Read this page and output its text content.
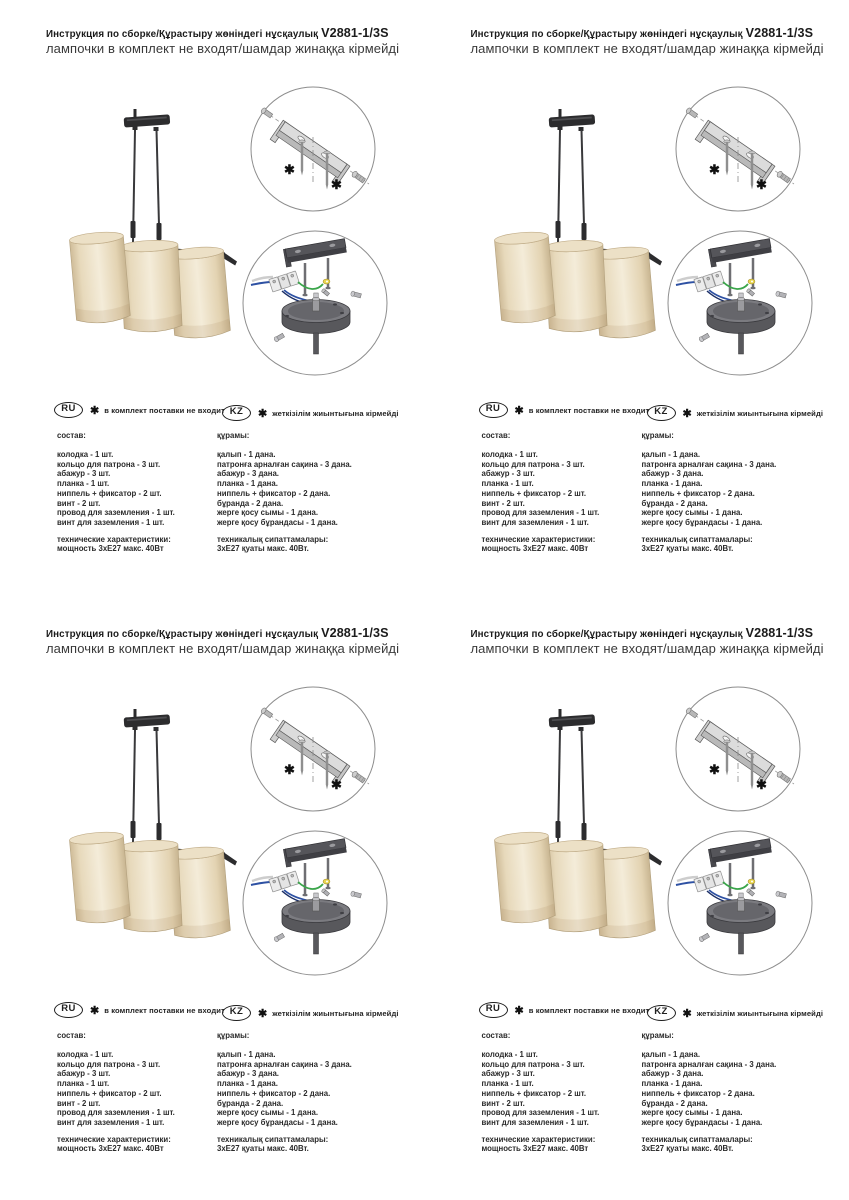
Инструкция по сборке/Құрастыру жөніндегі нұсқаулық V2881-1/3S
лампочки в комплект не входят/шамдар жинаққа кірмейді
✱
✱
RU	✱ в комплект поставки не входит KZ	✱ жеткізілім жиынтығына кірмейді
состав:
колодка - 1 шт.
кольцо для патрона - 3 шт.
абажур - 3 шт.
планка - 1 шт.
ниппель + фиксатор - 2 шт.
винт - 2 шт.
провод для заземления - 1 шт.
винт для заземления - 1 шт.
технические характеристики:
мощность 3хЕ27 макс. 40Вт
құрамы:
қалып - 1 дана.
патронға арналған сақина - 3 дана.
абажур - 3 дана.
планка - 1 дана.
ниппель + фиксатор - 2 дана.
бұранда - 2 дана.
жерге қосу сымы - 1 дана.
жерге қосу бұрандасы - 1 дана.
техникалық сипаттамалары:
3хЕ27 қуаты макс. 40Вт.
Инструкция по сборке/Құрастыру жөніндегі нұсқаулық V2881-1/3S
лампочки в комплект не входят/шамдар жинаққа кірмейді
✱
✱
RU	✱ в комплект поставки не входит KZ	✱ жеткізілім жиынтығына кірмейді
состав:
колодка - 1 шт.
кольцо для патрона - 3 шт.
абажур - 3 шт.
планка - 1 шт.
ниппель + фиксатор - 2 шт.
винт - 2 шт.
провод для заземления - 1 шт.
винт для заземления - 1 шт.
технические характеристики:
мощность 3хЕ27 макс. 40Вт
құрамы:
қалып - 1 дана.
патронға арналған сақина - 3 дана.
абажур - 3 дана.
планка - 1 дана.
ниппель + фиксатор - 2 дана.
бұранда - 2 дана.
жерге қосу сымы - 1 дана.
жерге қосу бұрандасы - 1 дана.
техникалық сипаттамалары:
3хЕ27 қуаты макс. 40Вт.
Инструкция по сборке/Құрастыру жөніндегі нұсқаулық V2881-1/3S
лампочки в комплект не входят/шамдар жинаққа кірмейді
✱
✱
RU	✱ в комплект поставки не входит KZ	✱ жеткізілім жиынтығына кірмейді
состав:
колодка - 1 шт.
кольцо для патрона - 3 шт.
абажур - 3 шт.
планка - 1 шт.
ниппель + фиксатор - 2 шт.
винт - 2 шт.
провод для заземления - 1 шт.
винт для заземления - 1 шт.
технические характеристики:
мощность 3хЕ27 макс. 40Вт
құрамы:
қалып - 1 дана.
патронға арналған сақина - 3 дана.
абажур - 3 дана.
планка - 1 дана.
ниппель + фиксатор - 2 дана.
бұранда - 2 дана.
жерге қосу сымы - 1 дана.
жерге қосу бұрандасы - 1 дана.
техникалық сипаттамалары:
3хЕ27 қуаты макс. 40Вт.
Инструкция по сборке/Құрастыру жөніндегі нұсқаулық V2881-1/3S
лампочки в комплект не входят/шамдар жинаққа кірмейді
✱
✱
RU	✱ в комплект поставки не входит KZ	✱ жеткізілім жиынтығына кірмейді
состав:
колодка - 1 шт.
кольцо для патрона - 3 шт.
абажур - 3 шт.
планка - 1 шт.
ниппель + фиксатор - 2 шт.
винт - 2 шт.
провод для заземления - 1 шт.
винт для заземления - 1 шт.
технические характеристики:
мощность 3хЕ27 макс. 40Вт
құрамы:
қалып - 1 дана.
патронға арналған сақина - 3 дана.
абажур - 3 дана.
планка - 1 дана.
ниппель + фиксатор - 2 дана.
бұранда - 2 дана.
жерге қосу сымы - 1 дана.
жерге қосу бұрандасы - 1 дана.
техникалық сипаттамалары:
3хЕ27 қуаты макс. 40Вт.
